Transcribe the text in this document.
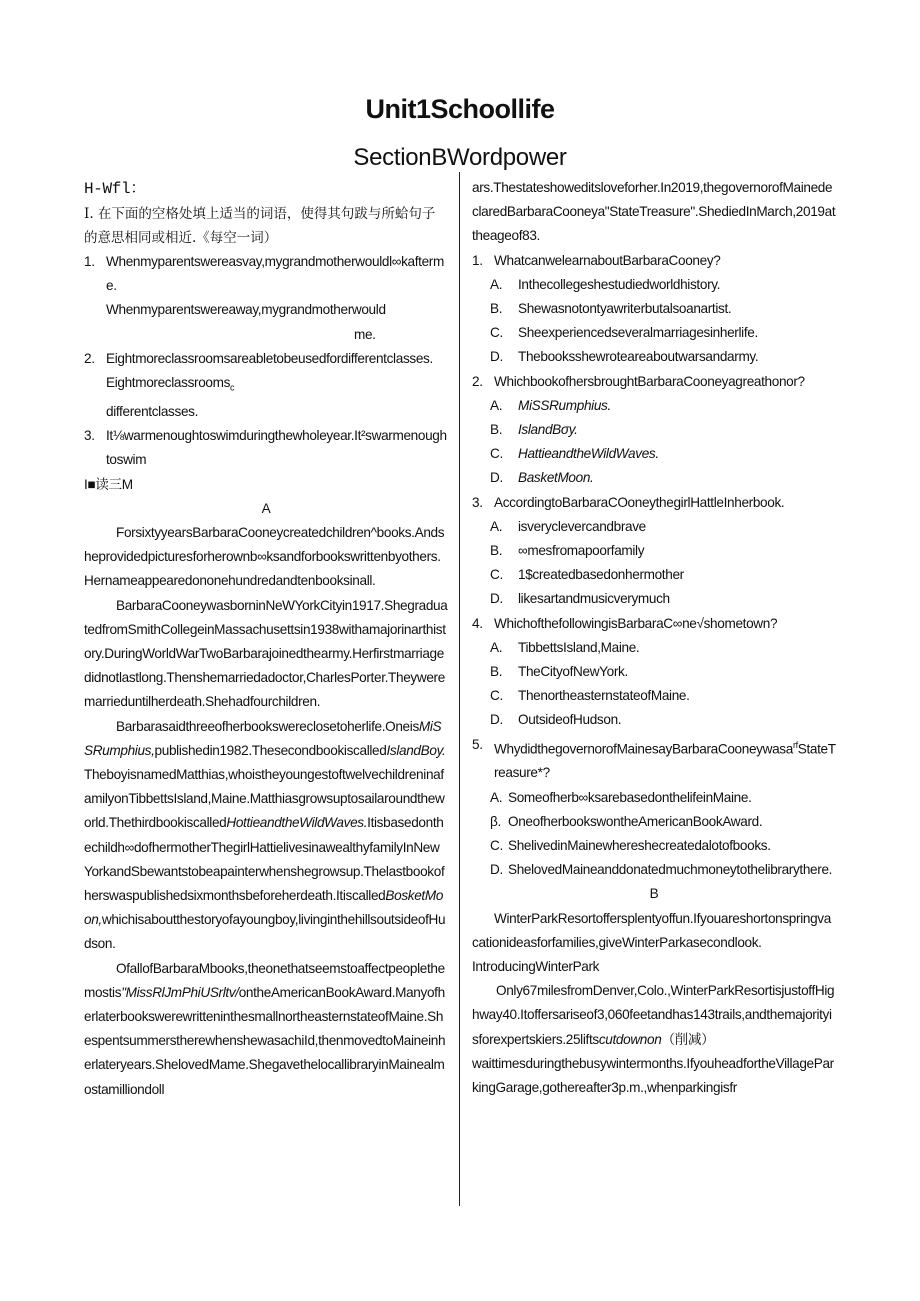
Unit1Schoollife
SectionBWordpower

H-Wfl：

I. 在下面的空格处填上适当的词语，使得其句跋与所蛤句子的意思相同或相近.《每空一词）

1. Whenmyparentswereasvay,mygrandmotherwouldl∞kafterme.

Whenmyparentswereaway,mygrandmotherwould

me.

2. Eightmoreclassroomsareabletobeusedfordifferentclasses.

Eightmoreclassrooms$_c$

differentclasses.

3. It⅛warmenoughtoswimduringthewholeyear.It²swarmenoughtoswim

I■读三M

A

ForsixtyyearsBarbaraCooneycreatedchildren^books.Andsheprovidedpicturesforherownb∞ksandforbookswrittenbyothers.Hernameappearedononehundredandtenbooksinall.

BarbaraCooneywasborninNeWYorkCityin1917.ShegraduatedfromSmithCollegeinMassachusettsin1938withamajorinarthistory.DuringWorldWarTwoBarbarajoinedthearmy.Herfirstmarriagedidnotlastlong.Thenshemarriedadoctor,CharlesPorter.Theyweremarrieduntilherdeath.Shehadfourchildren.

Barbarasaidthreeofherbookswereclosetoherlife.OneisMiSSRumphius,publishedin1982.ThesecondbookiscalledIslandBoy.TheboyisnamedMatthias,whoistheyoungestoftwelvechildreninafamilyonTibbettsIsland,Maine.Matthiasgrowsuptosailaroundtheworld.ThethirdbookiscalledHottieandtheWildWaves.Itisbasedonthechildh∞dofhermotherThegirlHattielivesinawealthyfamilyInNewYorkandSbewantstobeapainterwhenshegrowsup.Thelastbookofherswaspublishedsixmonthsbeforeherdeath.ItiscalledBosketMoon,whichisaboutthestoryofayoungboy,livinginthehillsoutsideofHudson.

OfallofBarbaraMbooks,theonethatseemstoaffectpeoplethemostis"MissRlJmPhiUSrltv/ontheAmericanBookAward.ManyofherlaterbookswerewritteninthesmallnortheasternstateofMaine.ShespentsummerstherewhenshewasachiId,thenmovedtoMaineinherlateryears.ShelovedMame.ShegavethelocallibraryinMainealmostamilliondoll

ars.Thestateshoweditsloveforher.In2019,thegovernorofMainedeclaredBarbaraCooneya"StateTreasure".ShediedInMarch,2019attheageof83.

1. WhatcanwelearnaboutBarbaraCooney?
A.	Inthecollegeshestudiedworldhistory.
B.	Shewasnotontyawriterbutalsoanartist.
C.	Sheexperiencedseveralmarriagesinherlife.
D.	Thebooksshewroteareaboutwarsandarmy.
2. WhichbookofhersbroughtBarbaraCooneyagreathonor?
A.	MiSSRumphius.
B.	IslandBσy.
C.	HattieandtheWildWaves.
D.	BasketMoon.
3. AccordingtoBarbaraCOoneythegirlHattleInherbook.
A.	isveryclevercandbrave
B.	∞mesfromapoorfamily
C.	1$createdbasedonhermother
D.	likesartandmusicverymuch
4. WhichofthefollowingisBarbaraC∞ne√shometown?
A.	TibbettsIsland,Maine.
B.	TheCityofNewYork.
C.	ThenortheasternstateofMaine.
D.	OutsideofHudson.
5. WhydidthegovernorofMainesayBarbaraCooneywasa$^{rf}$StateTreasure*?
A. Someofherb∞ksarebasedonthelifeinMaine.
β. OneofherbookswontheAmericanBookAward.
C. ShelivedinMainewhereshecreatedalotofbooks.
D. ShelovedMaineanddonatedmuchmoneytothelibrarythere.

B

WinterParkResortoffersplentyoffun.Ifyouareshortonspringvacationideasforfamilies,giveWinterParkasecondlook.

IntroducingWinterPark

Only67milesfromDenver,Colo.,WinterParkResortisjustoffHighway40.Itoffersariseof3,060feetandhas143trails,andthemajorityisforexpertskiers.25liftscutdownon（削减）
waittimesduringthebusywintermonths.IfyouheadfortheVillageParkingGarage,gothereafter3p.m.,whenparkingisfr
